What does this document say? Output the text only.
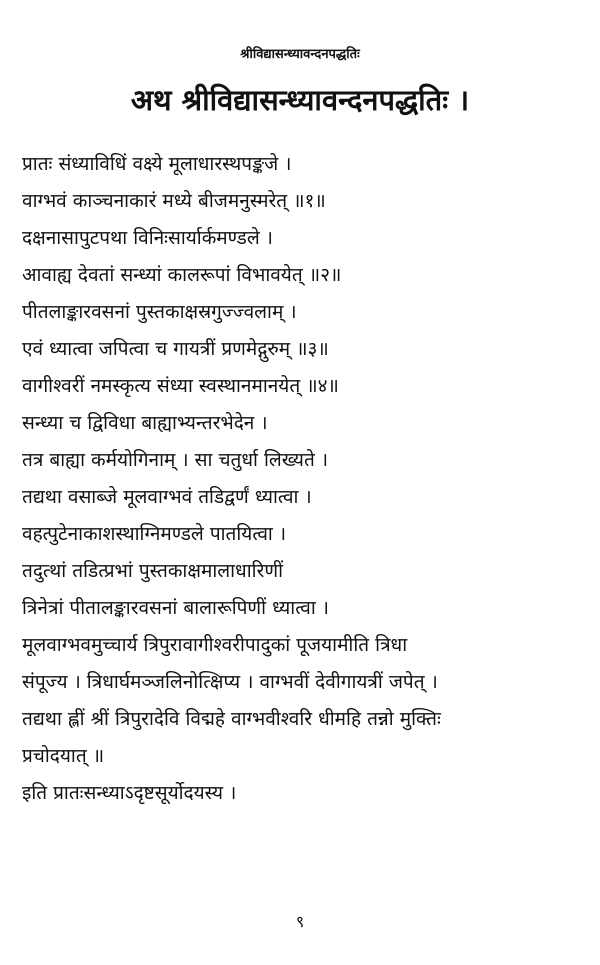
श्रीविद्यासन्ध्यावन्दनपद्धतिः
अथ श्रीविद्यासन्ध्यावन्दनपद्धतिः ।
प्रातः संध्याविधिं वक्ष्ये मूलाधारस्थपङ्कजे ।
वाग्भवं काञ्चनाकारं मध्ये बीजमनुस्मरेत् ॥१॥
दक्षनासापुटपथा विनिःसार्यार्कमण्डले ।
आवाह्य देवतां सन्ध्यां कालरूपां विभावयेत् ॥२॥
पीतलाङ्कारवसनां पुस्तकाक्षस्रगुज्ज्वलाम् ।
एवं ध्यात्वा जपित्वा च गायत्रीं प्रणमेद्गुरुम् ॥३॥
वागीश्वरीं नमस्कृत्य संध्या स्वस्थानमानयेत् ॥४॥
सन्ध्या च द्विविधा बाह्याभ्यन्तरभेदेन ।
तत्र बाह्या कर्मयोगिनाम् । सा चतुर्धा लिख्यते ।
तद्यथा वसाब्जे मूलवाग्भवं तडिद्वर्णं ध्यात्वा ।
वहत्पुटेनाकाशस्थाग्निमण्डले पातयित्वा ।
तदुत्थां तडित्प्रभां पुस्तकाक्षमालाधारिणीं
त्रिनेत्रां पीतालङ्कारवसनां बालारूपिणीं ध्यात्वा ।
मूलवाग्भवमुच्चार्य त्रिपुरावागीश्वरीपादुकां पूजयामीति त्रिधा
संपूज्य । त्रिधार्घमञ्जलिनोत्क्षिप्य । वाग्भवीं देवीगायत्रीं जपेत् ।
तद्यथा ह्लीं श्रीं त्रिपुरादेवि विद्महे वाग्भवीश्वरि धीमहि तन्नो मुक्तिः
प्रचोदयात् ॥
इति प्रातःसन्ध्याऽदृष्टसूर्योदयस्य ।
९
